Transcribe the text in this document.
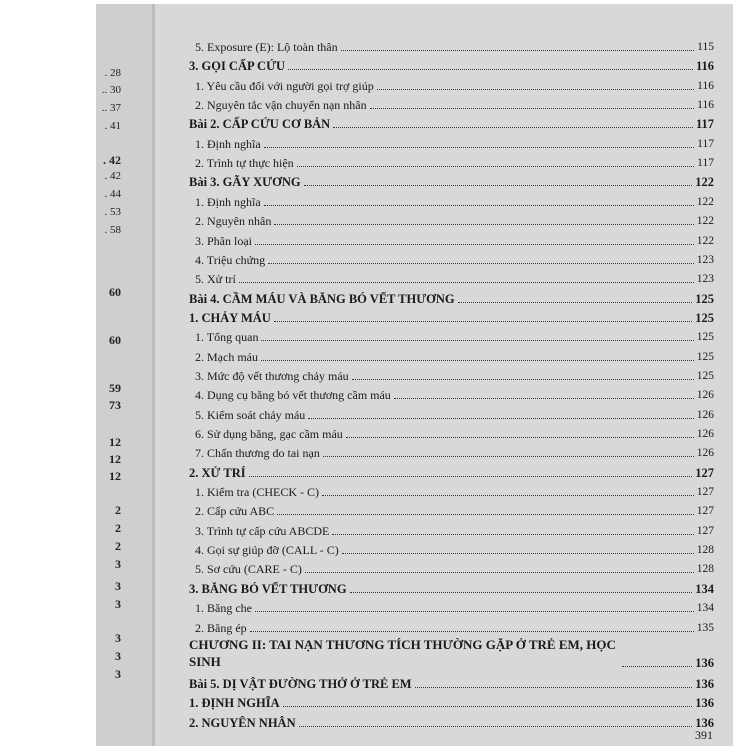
. 28
.. 30
.. 37
. 41
. 42
. 42
. 44
. 53
. 58
60
60
59
73
12
12
12
2
2
2
3
3
3
3
3
3
5. Exposure (E): Lộ toàn thân	115
3. GỌI CẤP CỨU	116
1. Yêu cầu đối với người gọi trợ giúp	116
2. Nguyên tắc vận chuyển nạn nhân	116
Bài 2. CẤP CỨU CƠ BẢN	117
1. Định nghĩa	117
2. Trình tự thực hiện	117
Bài 3. GÃY XƯƠNG	122
1. Định nghĩa	122
2. Nguyên nhân	122
3. Phân loại	122
4. Triệu chứng	123
5. Xử trí	123
Bài 4. CẦM MÁU VÀ BĂNG BÓ VẾT THƯƠNG	125
1. CHẢY MÁU	125
1. Tổng quan	125
2. Mạch máu	125
3. Mức độ vết thương chảy máu	125
4. Dụng cụ băng bó vết thương cầm máu	126
5. Kiểm soát chảy máu	126
6. Sử dụng băng, gạc cầm máu	126
7. Chấn thương do tai nạn	126
2. XỬ TRÍ	127
1. Kiểm tra (CHECK - C)	127
2. Cấp cứu ABC	127
3. Trình tự cấp cứu ABCDE	127
4. Gọi sự giúp đỡ (CALL - C)	128
5. Sơ cứu (CARE - C)	128
3. BĂNG BÓ VẾT THƯƠNG	134
1. Băng che	134
2. Băng ép	135
CHƯƠNG II: TAI NẠN THƯƠNG TÍCH THƯỜNG GẶP Ở TRẺ EM, HỌC SINH	136
Bài 5. DỊ VẬT ĐƯỜNG THỞ Ở TRẺ EM	136
1. ĐỊNH NGHĨA	136
2. NGUYÊN NHÂN	136
391
